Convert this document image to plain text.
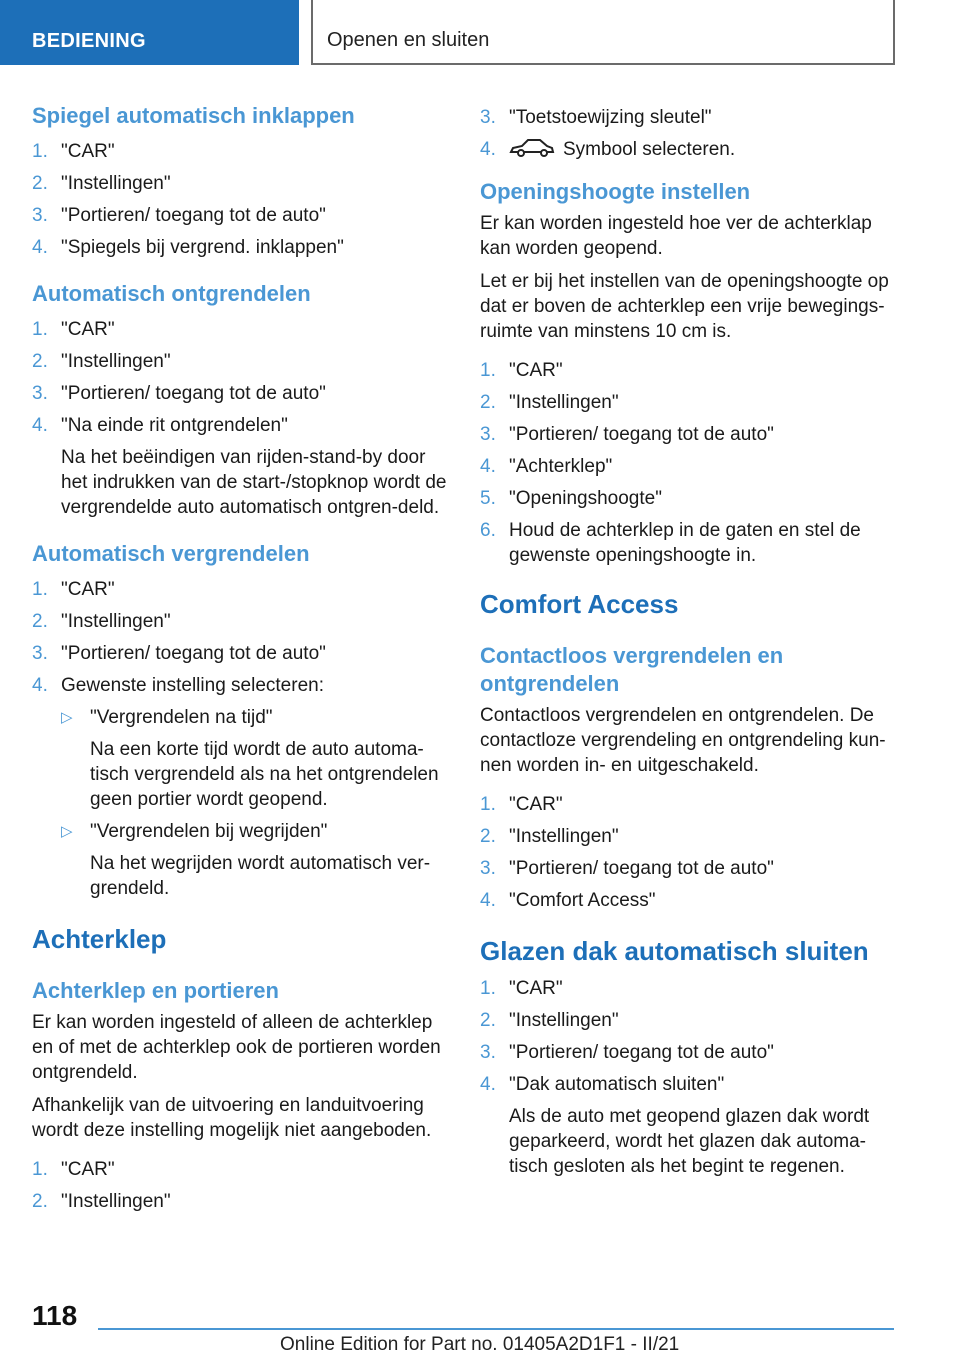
BEDIENING	Openen en sluiten
Spiegel automatisch inklappen
1. "CAR"
2. "Instellingen"
3. "Portieren/ toegang tot de auto"
4. "Spiegels bij vergrend. inklappen"
Automatisch ontgrendelen
1. "CAR"
2. "Instellingen"
3. "Portieren/ toegang tot de auto"
4. "Na einde rit ontgrendelen"
Na het beëindigen van rijden-stand-by door het indrukken van de start-/stopknop wordt de vergrendelde auto automatisch ontgren-deld.
Automatisch vergrendelen
1. "CAR"
2. "Instellingen"
3. "Portieren/ toegang tot de auto"
4. Gewenste instelling selecteren:
▷ "Vergrendelen na tijd"
Na een korte tijd wordt de auto automa-tisch vergrendeld als na het ontgrendelen geen portier wordt geopend.
▷ "Vergrendelen bij wegrijden"
Na het wegrijden wordt automatisch ver-grendeld.
Achterklep
Achterklep en portieren

Er kan worden ingesteld of alleen de achterklep en of met de achterklep ook de portieren worden ontgrendeld.

Afhankelijk van de uitvoering en landuitvoering wordt deze instelling mogelijk niet aangeboden.

1. "CAR"
2. "Instellingen"
3. "Toetstoewijzing sleutel"
4.	Symbool selecteren.
Openingshoogte instellen

Er kan worden ingesteld hoe ver de achterklap kan worden geopend.

Let er bij het instellen van de openingshoogte op dat er boven de achterklep een vrije bewegings-ruimte van minstens 10 cm is.

1. "CAR"
2. "Instellingen"
3. "Portieren/ toegang tot de auto"
4. "Achterklep"
5. "Openingshoogte"
6. Houd de achterklep in de gaten en stel de gewenste openingshoogte in.
Comfort Access
Contactloos vergrendelen en ontgrendelen

Contactloos vergrendelen en ontgrendelen. De contactloze vergrendeling en ontgrendeling kun-nen worden in- en uitgeschakeld.

1. "CAR"
2. "Instellingen"
3. "Portieren/ toegang tot de auto"
4. "Comfort Access"
Glazen dak automatisch sluiten
1. "CAR"
2. "Instellingen"
3. "Portieren/ toegang tot de auto"
4. "Dak automatisch sluiten"
Als de auto met geopend glazen dak wordt geparkeerd, wordt het glazen dak automa-tisch gesloten als het begint te regenen.
118
Online Edition for Part no. 01405A2D1F1 - II/21
